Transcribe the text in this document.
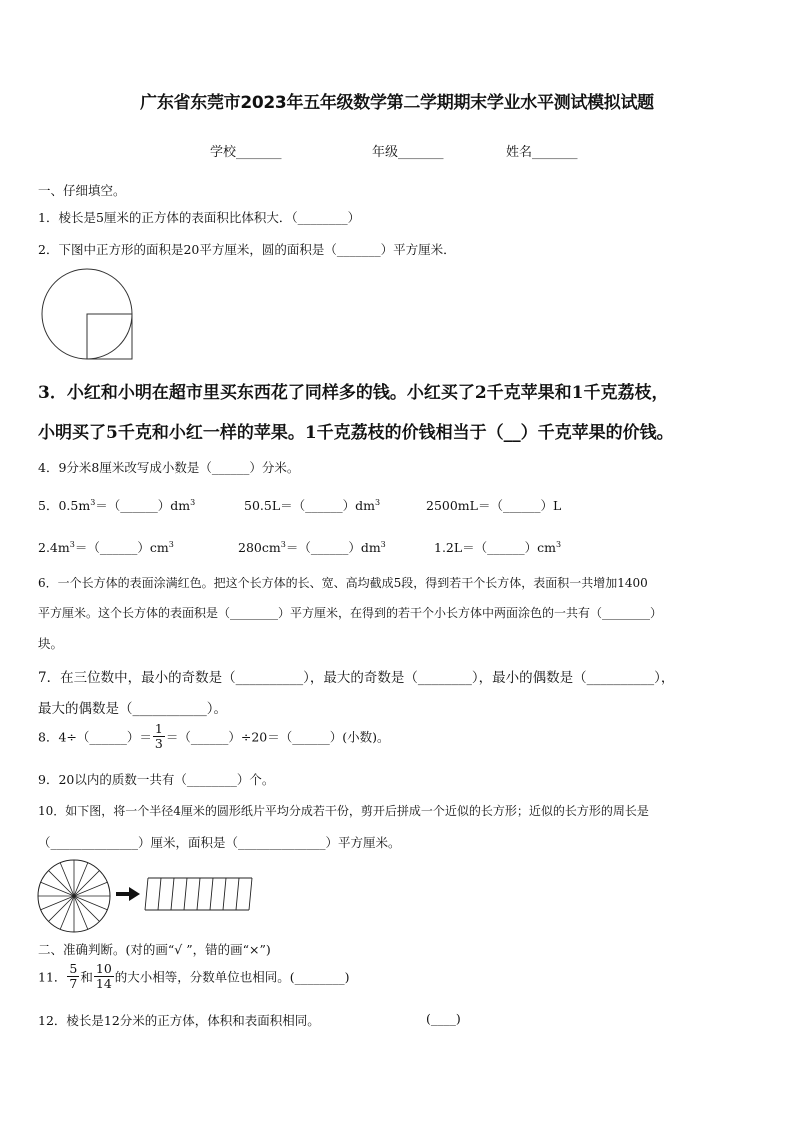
广东省东莞市2023年五年级数学第二学期期末学业水平测试模拟试题
学校_______	年级_______	姓名_______
一、仔细填空。
1．棱长是5厘米的正方体的表面积比体积大．（________）
2．下图中正方形的面积是20平方厘米，圆的面积是（_______）平方厘米．
3．小红和小明在超市里买东西花了同样多的钱。小红买了2千克苹果和1千克荔枝，
小明买了5千克和小红一样的苹果。1千克荔枝的价钱相当于（__）千克苹果的价钱。
4．9分米8厘米改写成小数是（______）分米。
5．$0.5m^3=(\_\_\_\_\_\_)dm^3$	$50.5L=(\_\_\_\_\_\_)dm^3$	2500mL＝（______）L
$2.4m^3=(\_\_\_\_\_\_)cm^3$	$280cm^3=(\_\_\_\_\_\_)dm^3$	$1.2L=(\_\_\_\_\_\_)cm^3$
6．一个长方体的表面涂满红色。把这个长方体的长、宽、高均截成5段，得到若干个长方体，表面积一共增加1400
平方厘米。这个长方体的表面积是（________）平方厘米，在得到的若干个小长方体中两面涂色的一共有（________）
块。
7．在三位数中，最小的奇数是（__________），最大的奇数是（________），最小的偶数是（__________），
最大的偶数是（___________）。
8．4÷（______）＝ $\frac{1}{3}$ ＝（______）÷20＝（______）(小数)。
9．20以内的质数一共有（________）个。
10．如下图，将一个半径4厘米的圆形纸片平均分成若干份，剪开后拼成一个近似的长方形；近似的长方形的周长是
（______________）厘米，面积是（______________）平方厘米。
二、准确判断。(对的画“√ ”，错的画“×”)
11． $\frac{5}{7}$ 和 $\frac{10}{14}$ 的大小相等，分数单位也相同。(________)
12．棱长是12分米的正方体，体积和表面积相同。	(____)
